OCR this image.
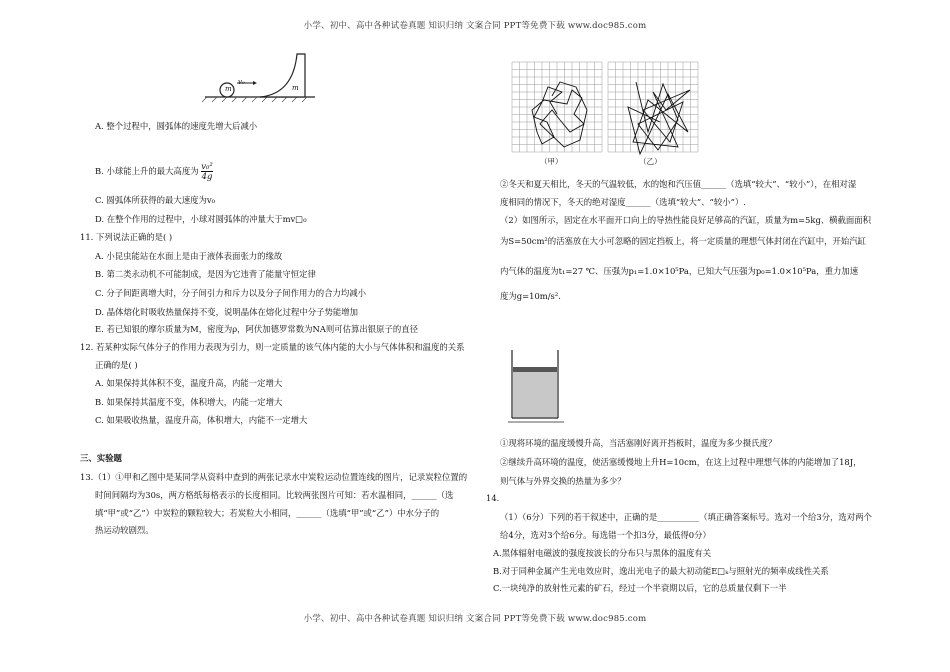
小学、初中、高中各种试卷真题 知识归纳 文案合同 PPT等免费下载 www.doc985.com
m
v₀
m
A. 整个过程中，圆弧体的速度先增大后减小
B. 小球能上升的最大高度为 $\frac{\text{v₀²}}{4g}$
C. 圆弧体所获得的最大速度为v₀
D. 在整个作用的过程中，小球对圆弧体的冲量大于mv□₀
11. 下列说法正确的是( )
A. 小昆虫能站在水面上是由于液体表面张力的缘故
B. 第二类永动机不可能制成，是因为它违背了能量守恒定律
C. 分子间距离增大时，分子间引力和斥力以及分子间作用力的合力均减小
D. 晶体熔化时吸收热量保持不变，说明晶体在熔化过程中分子势能增加
E. 若已知银的摩尔质量为M，密度为ρ，阿伏加德罗常数为NA则可估算出银原子的直径
12. 若某种实际气体分子的作用力表现为引力，则一定质量的该气体内能的大小与气体体积和温度的关系
正确的是( )
A. 如果保持其体积不变，温度升高，内能一定增大
B. 如果保持其温度不变，体积增大，内能一定增大
C. 如果吸收热量，温度升高，体积增大，内能不一定增大
三、实验题
13.（1）①甲和乙图中是某同学从资料中查到的两张记录水中炭粒运动位置连线的图片，记录炭粒位置的
时间间隔均为30s，两方格纸每格表示的长度相同。比较两张图片可知：若水温相同，______（选
填“甲”或“乙”）中炭粒的颗粒较大；若炭粒大小相同，______（选填“甲”或“乙”）中水分子的
热运动较剧烈。
（甲）	（乙）
②冬天和夏天相比，冬天的气温较低，水的饱和汽压值______（选填“较大”、“较小”），在相对湿
度相同的情况下，冬天的绝对湿度______（选填“较大”、“较小”）.
（2）如图所示，固定在水平面开口向上的导热性能良好足够高的汽缸，质量为m=5kg、横截面面积
为S=50cm²的活塞放在大小可忽略的固定挡板上，将一定质量的理想气体封闭在汽缸中，开始汽缸
内气体的温度为t₁=27 ℃、压强为p₁=1.0×10⁵Pa，已知大气压强为p₀=1.0×10⁵Pa，重力加速
度为g=10m/s².
①现将环境的温度缓慢升高，当活塞刚好离开挡板时，温度为多少摄氏度？
②继续升高环境的温度，使活塞缓慢地上升H=10cm，在这上过程中理想气体的内能增加了18J，
则气体与外界交换的热量为多少？
14.
（1）（6分）下列的若干叙述中，正确的是__________（填正确答案标号。选对一个给3分，选对两个
给4分，选对3个给6分。每选错一个扣3分，最低得0分）
A.黑体辐射电磁波的强度按波长的分布只与黑体的温度有关
B.对于同种金属产生光电效应时，逸出光电子的最大初动能E□ₖ与照射光的频率成线性关系
C.一块纯净的放射性元素的矿石，经过一个半衰期以后，它的总质量仅剩下一半
小学、初中、高中各种试卷真题 知识归纳 文案合同 PPT等免费下载 www.doc985.com
